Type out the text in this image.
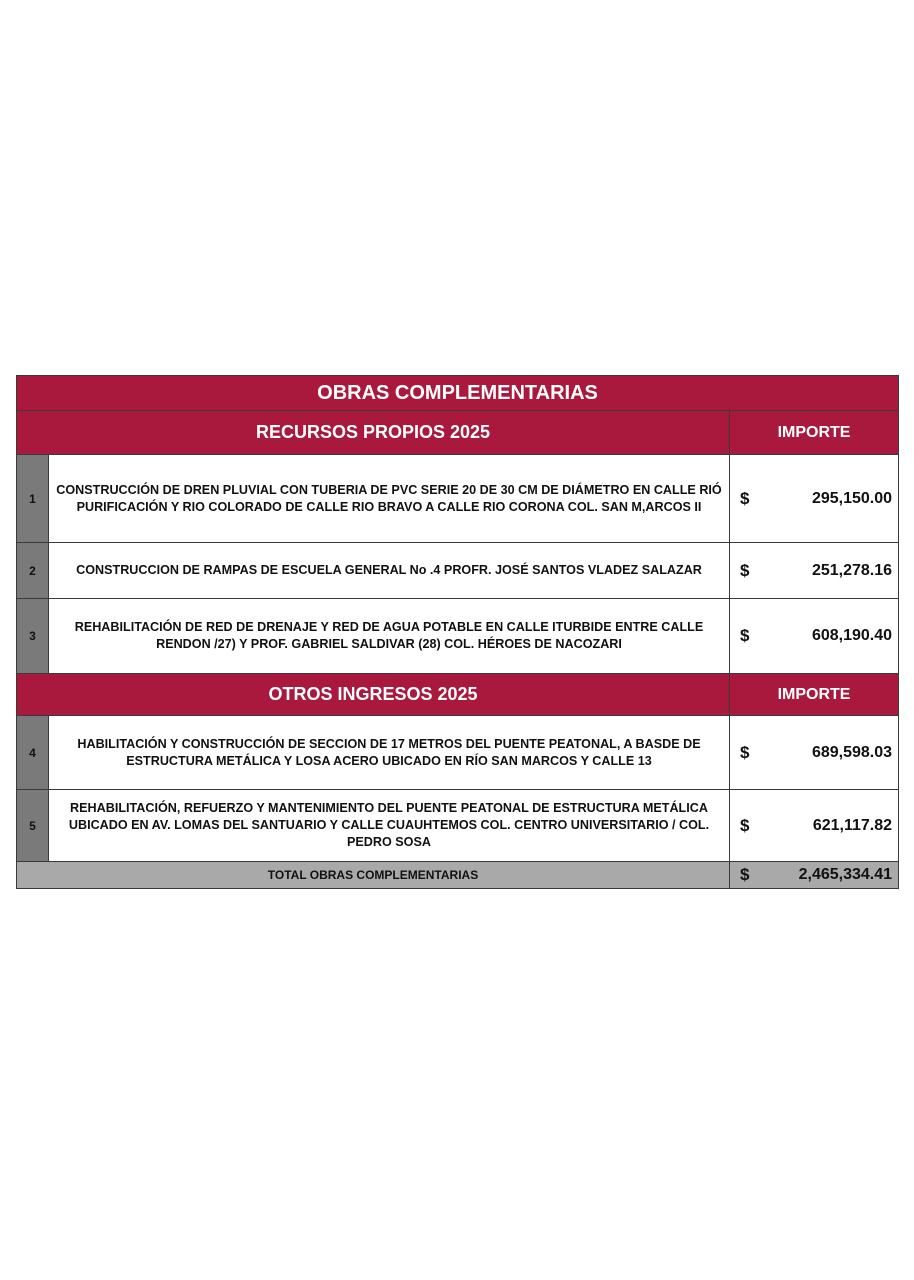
OBRAS COMPLEMENTARIAS		
RECURSOS PROPIOS 2025		IMPORTE
1	CONSTRUCCIÓN DE DREN PLUVIAL CON TUBERIA DE PVC SERIE 20 DE 30 CM DE DIÁMETRO EN CALLE RIÓ PURIFICACIÓN Y RIO COLORADO DE CALLE RIO BRAVO A CALLE RIO CORONA COL. SAN M,ARCOS II	$ 295,150.00

2	CONSTRUCCION DE RAMPAS DE ESCUELA GENERAL No .4 PROFR. JOSÉ SANTOS VLADEZ SALAZAR	$ 251,278.16

3	REHABILITACIÓN DE RED DE DRENAJE Y RED DE AGUA POTABLE EN CALLE ITURBIDE ENTRE CALLE RENDON /27) Y PROF. GABRIEL SALDIVAR (28) COL. HÉROES DE NACOZARI	$ 608,190.40

OTROS INGRESOS 2025		IMPORTE
4	HABILITACIÓN Y CONSTRUCCIÓN DE SECCION DE 17 METROS DEL PUENTE PEATONAL, A BASDE DE ESTRUCTURA METÁLICA Y LOSA ACERO UBICADO EN RÍO SAN MARCOS Y CALLE 13	$ 689,598.03

5	REHABILITACIÓN, REFUERZO Y MANTENIMIENTO DEL PUENTE PEATONAL DE ESTRUCTURA METÁLICA UBICADO EN AV. LOMAS DEL SANTUARIO Y CALLE CUAUHTEMOS COL. CENTRO UNIVERSITARIO / COL. PEDRO SOSA	$ 621,117.82

TOTAL OBRAS COMPLEMENTARIAS		$ 2,465,334.41
